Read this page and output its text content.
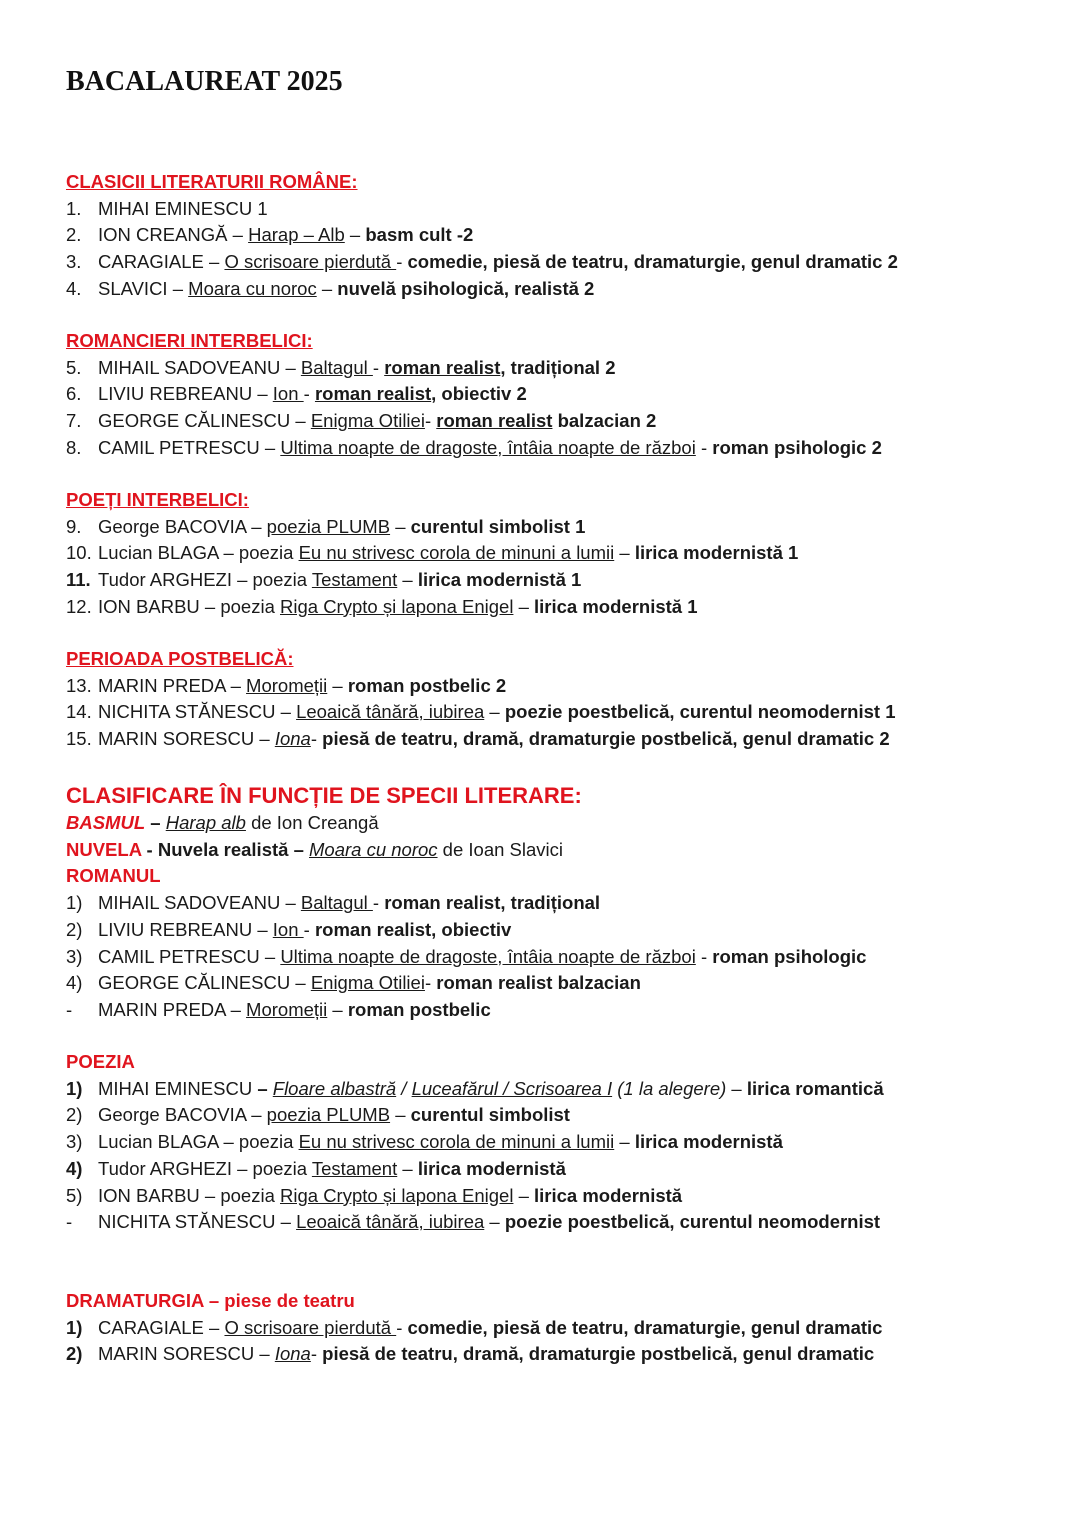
BACALAUREAT 2025
CLASICII LITERATURII ROMÂNE:
1. MIHAI EMINESCU 1
2. ION CREANGĂ – Harap – Alb – basm cult -2
3. CARAGIALE – O scrisoare pierdută - comedie, piesă de teatru, dramaturgie, genul dramatic 2
4. SLAVICI – Moara cu noroc – nuvelă psihologică, realistă 2
ROMANCIERI INTERBELICI:
5. MIHAIL SADOVEANU – Baltagul - roman realist, tradițional 2
6. LIVIU REBREANU – Ion - roman realist, obiectiv 2
7. GEORGE CĂLINESCU – Enigma Otiliei- roman realist balzacian 2
8. CAMIL PETRESCU – Ultima noapte de dragoste, întâia noapte de război - roman psihologic 2
POEȚI INTERBELICI:
9. George BACOVIA – poezia PLUMB – curentul simbolist 1
10. Lucian BLAGA – poezia Eu nu strivesc corola de minuni a lumii – lirica modernistă 1
11. Tudor ARGHEZI – poezia Testament – lirica modernistă 1
12. ION BARBU – poezia Riga Crypto și lapona Enigel – lirica modernistă 1
PERIOADA POSTBELICĂ:
13. MARIN PREDA – Moromeții – roman postbelic 2
14. NICHITA STĂNESCU – Leoaică tânără, iubirea – poezie poestbelică, curentul neomodernist 1
15. MARIN SORESCU – Iona- piesă de teatru, dramă, dramaturgie postbelică, genul dramatic 2
CLASIFICARE ÎN FUNCȚIE DE SPECII LITERARE:
BASMUL – Harap alb de Ion Creangă
NUVELA - Nuvela realistă – Moara cu noroc de Ioan Slavici
ROMANUL
1) MIHAIL SADOVEANU – Baltagul - roman realist, tradițional
2) LIVIU REBREANU – Ion - roman realist, obiectiv
3) CAMIL PETRESCU – Ultima noapte de dragoste, întâia noapte de război - roman psihologic
4) GEORGE CĂLINESCU – Enigma Otiliei- roman realist balzacian
- MARIN PREDA – Moromeții – roman postbelic
POEZIA
1) MIHAI EMINESCU – Floare albastră / Luceafărul / Scrisoarea I (1 la alegere) – lirica romantică
2) George BACOVIA – poezia PLUMB – curentul simbolist
3) Lucian BLAGA – poezia Eu nu strivesc corola de minuni a lumii – lirica modernistă
4) Tudor ARGHEZI – poezia Testament – lirica modernistă
5) ION BARBU – poezia Riga Crypto și lapona Enigel – lirica modernistă
- NICHITA STĂNESCU – Leoaică tânără, iubirea – poezie poestbelică, curentul neomodernist
DRAMATURGIA – piese de teatru
1) CARAGIALE – O scrisoare pierdută - comedie, piesă de teatru, dramaturgie, genul dramatic
2) MARIN SORESCU – Iona- piesă de teatru, dramă, dramaturgie postbelică, genul dramatic
